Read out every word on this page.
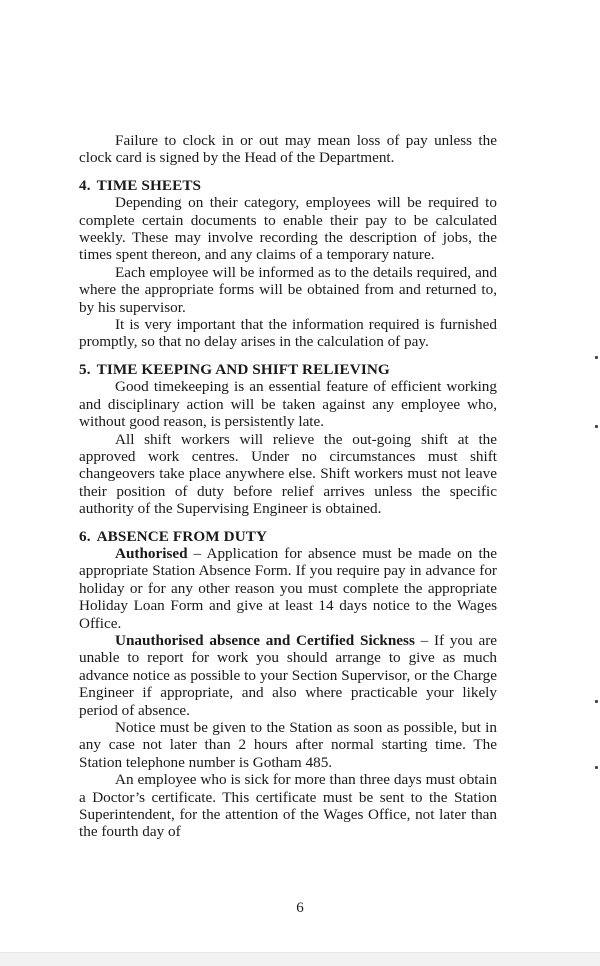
Failure to clock in or out may mean loss of pay unless the clock card is signed by the Head of the Department.

4. TIME SHEETS

Depending on their category, employees will be required to complete certain documents to enable their pay to be calculated weekly. These may involve recording the description of jobs, the times spent thereon, and any claims of a temporary nature.

Each employee will be informed as to the details required, and where the appropriate forms will be obtained from and returned to, by his supervisor.

It is very important that the information required is furnished promptly, so that no delay arises in the calculation of pay.

5. TIME KEEPING AND SHIFT RELIEVING

Good timekeeping is an essential feature of efficient working and disciplinary action will be taken against any employee who, without good reason, is persistently late.

All shift workers will relieve the out-going shift at the approved work centres. Under no circumstances must shift changeovers take place anywhere else. Shift workers must not leave their position of duty before relief arrives unless the specific authority of the Supervising Engineer is obtained.

6. ABSENCE FROM DUTY

Authorised – Application for absence must be made on the appropriate Station Absence Form. If you require pay in advance for holiday or for any other reason you must complete the appropriate Holiday Loan Form and give at least 14 days notice to the Wages Office.

Unauthorised absence and Certified Sickness – If you are unable to report for work you should arrange to give as much advance notice as possible to your Section Supervisor, or the Charge Engineer if appropriate, and also where practicable your likely period of absence.

Notice must be given to the Station as soon as possible, but in any case not later than 2 hours after normal starting time. The Station telephone number is Gotham 485.

An employee who is sick for more than three days must obtain a Doctor’s certificate. This certificate must be sent to the Station Superintendent, for the attention of the Wages Office, not later than the fourth day of

6
